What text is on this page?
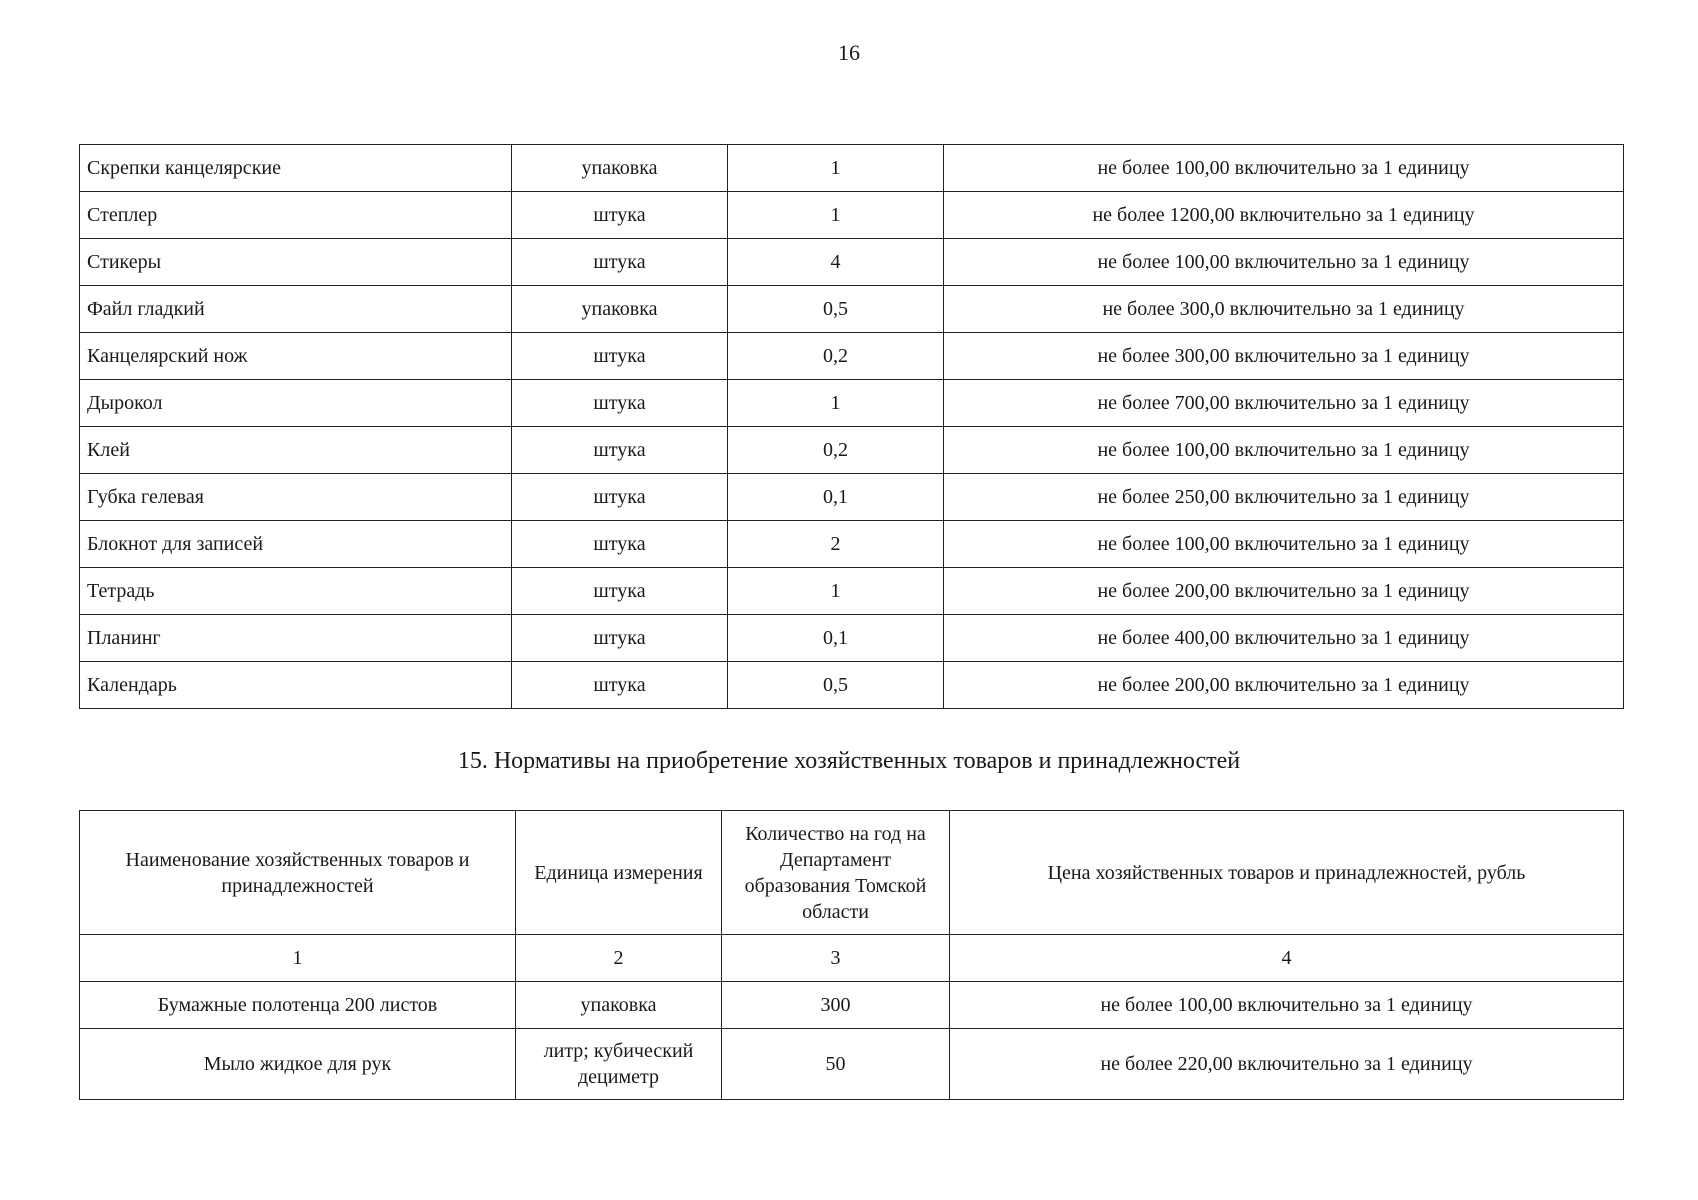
16
Скрепки канцелярские	упаковка	1	не более 100,00 включительно за 1 единицу
Степлер	штука	1	не более 1200,00 включительно за 1 единицу
Стикеры	штука	4	не более 100,00 включительно за 1 единицу
Файл гладкий	упаковка	0,5	не более 300,0 включительно за 1 единицу
Канцелярский нож	штука	0,2	не более 300,00 включительно за 1 единицу
Дырокол	штука	1	не более 700,00 включительно за 1 единицу
Клей	штука	0,2	не более 100,00 включительно за 1 единицу
Губка гелевая	штука	0,1	не более 250,00 включительно за 1 единицу
Блокнот для записей	штука	2	не более 100,00 включительно за 1 единицу
Тетрадь	штука	1	не более 200,00 включительно за 1 единицу
Планинг	штука	0,1	не более 400,00 включительно за 1 единицу
Календарь	штука	0,5	не более 200,00 включительно за 1 единицу
15. Нормативы на приобретение хозяйственных товаров и принадлежностей
Наименование хозяйственных товаров и принадлежностей	Единица измерения	Количество на год на Департамент образования Томской области	Цена хозяйственных товаров и принадлежностей, рубль
1	2	3	4
Бумажные полотенца 200 листов	упаковка	300	не более 100,00 включительно за 1 единицу
Мыло жидкое для рук	литр; кубический дециметр	50	не более 220,00 включительно за 1 единицу
